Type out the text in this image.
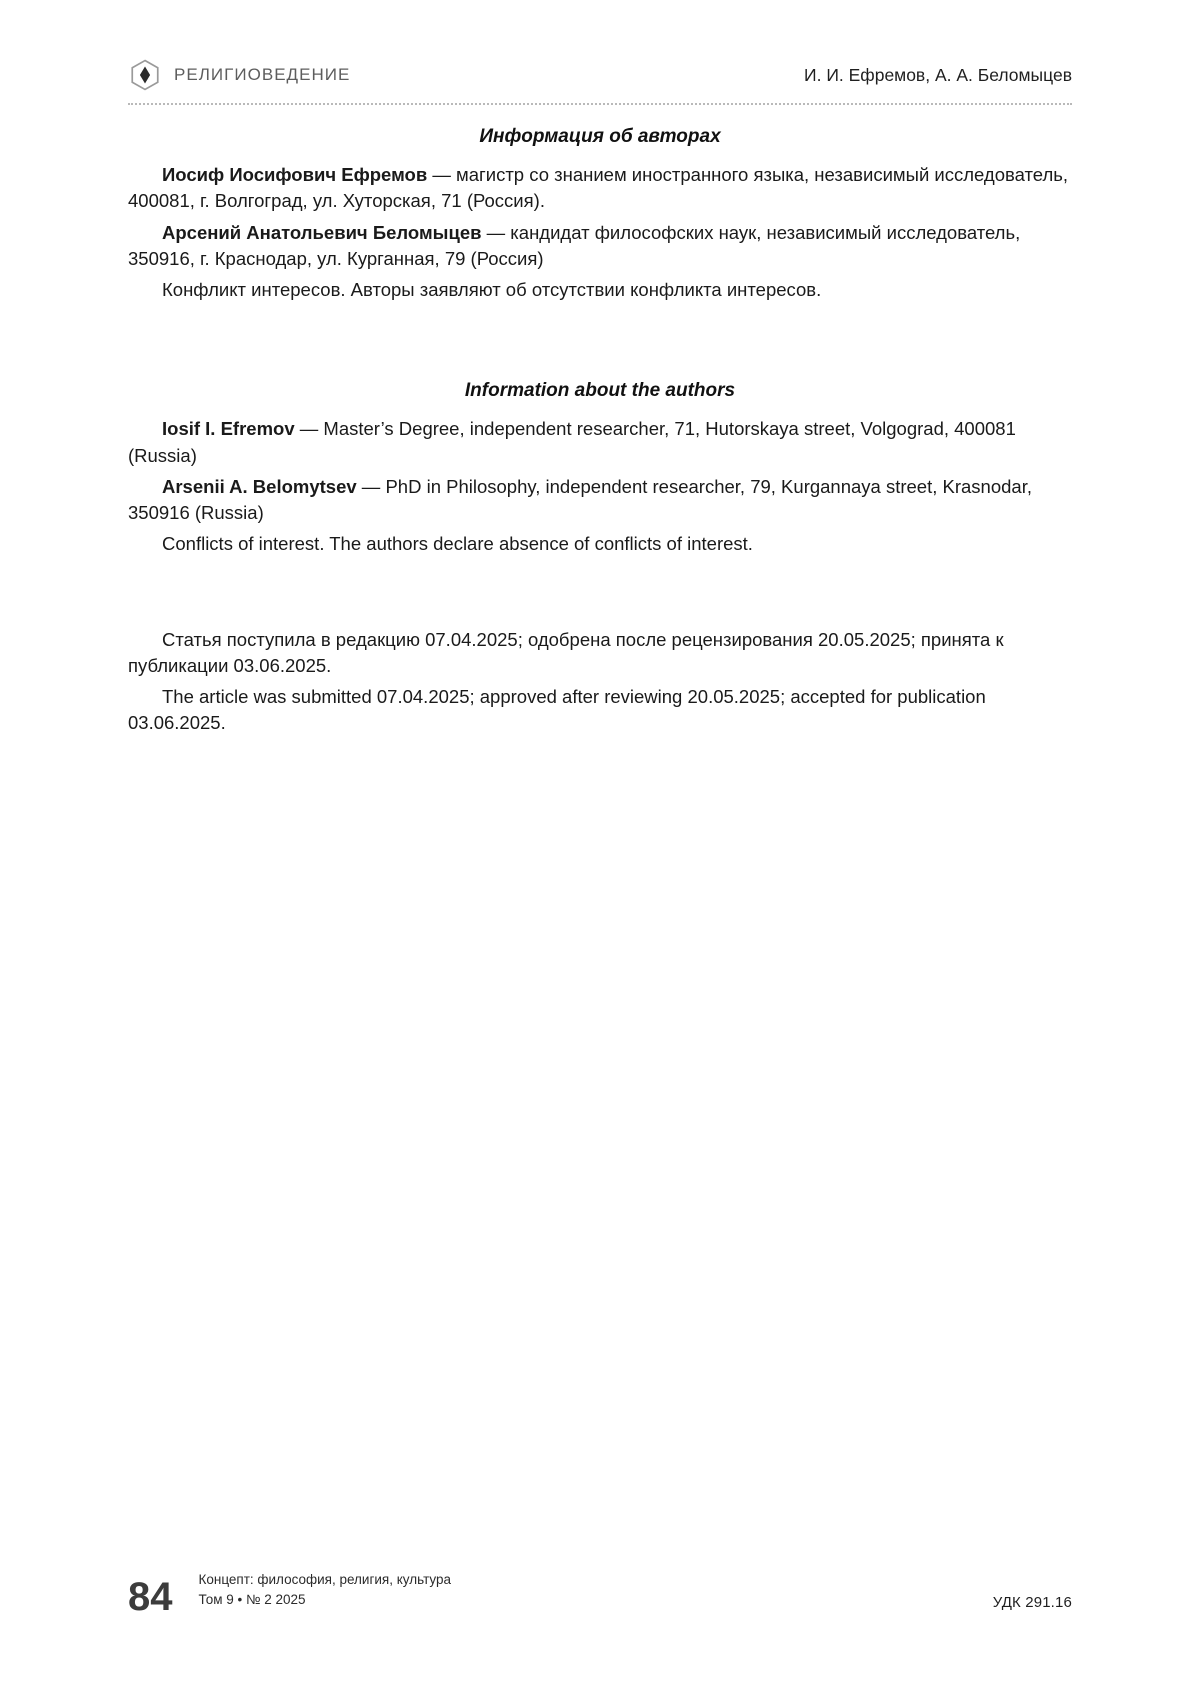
РЕЛИГИОВЕДЕНИЕ	И. И. Ефремов, А. А. Беломыцев
Информация об авторах

Иосиф Иосифович Ефремов — магистр со знанием иностранного языка, независимый исследователь, 400081, г. Волгоград, ул. Хуторская, 71 (Россия).

Арсений Анатольевич Беломыцев — кандидат философских наук, независимый исследователь, 350916, г. Краснодар, ул. Курганная, 79 (Россия)

Конфликт интересов. Авторы заявляют об отсутствии конфликта интересов.

Information about the authors

Iosif I. Efremov — Master’s Degree, independent researcher, 71, Hutorskaya street, Volgograd, 400081 (Russia)

Arsenii A. Belomytsev — PhD in Philosophy, independent researcher, 79, Kurgannaya street, Krasnodar, 350916 (Russia)

Conflicts of interest. The authors declare absence of conflicts of interest.

Статья поступила в редакцию 07.04.2025; одобрена после рецензирования 20.05.2025; принята к публикации 03.06.2025.

The article was submitted 07.04.2025; approved after reviewing 20.05.2025; accepted for publication 03.06.2025.

84 Концепт: философия, религия, культура
Том 9 • № 2 2025	УДК 291.16
